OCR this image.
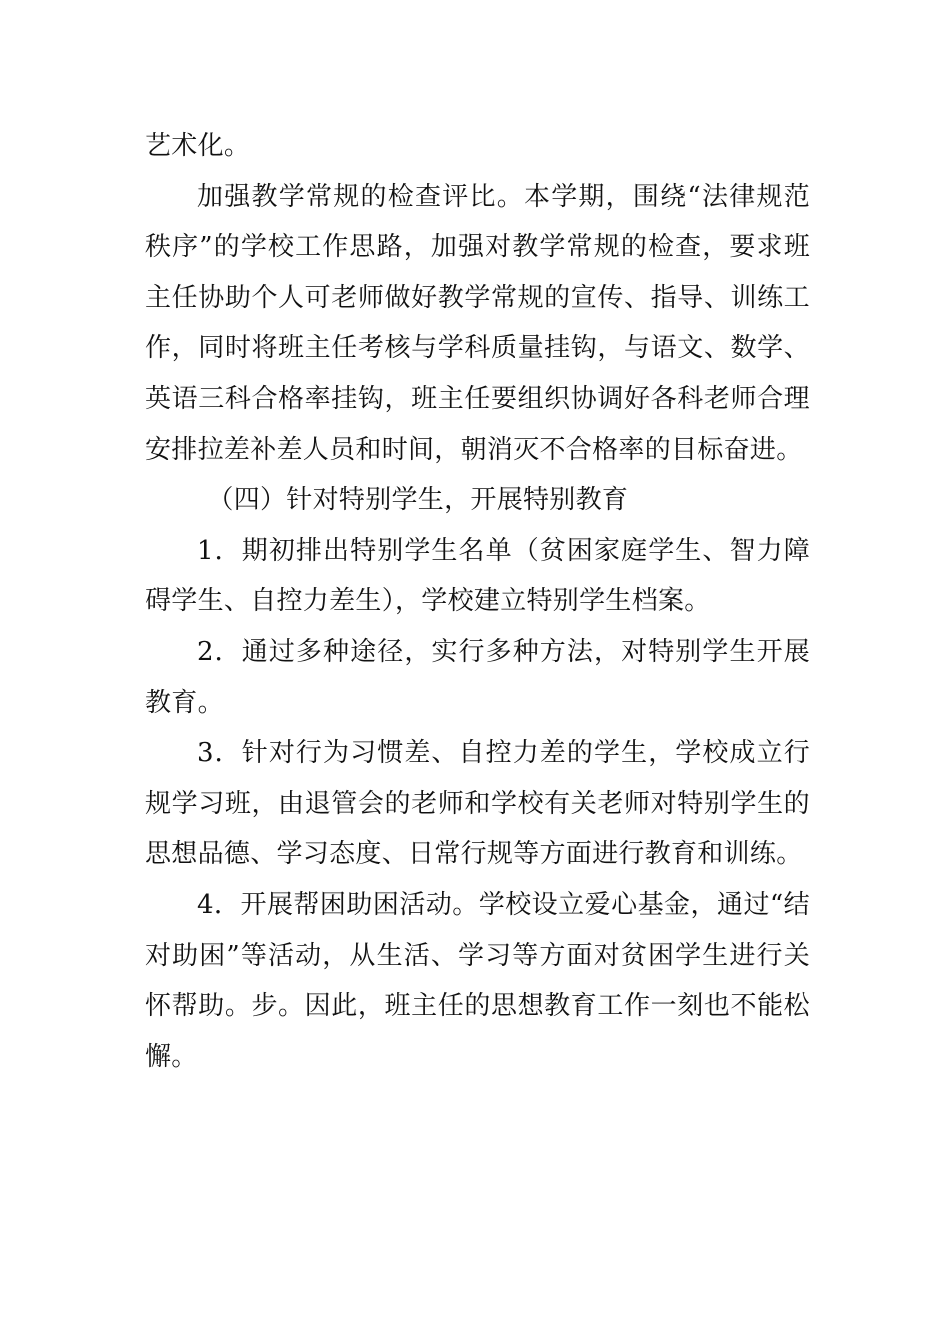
艺术化。

加强教学常规的检查评比。本学期，围绕“法律规范秩序”的学校工作思路，加强对教学常规的检查，要求班主任协助个人可老师做好教学常规的宣传、指导、训练工作，同时将班主任考核与学科质量挂钩，与语文、数学、英语三科合格率挂钩，班主任要组织协调好各科老师合理安排拉差补差人员和时间，朝消灭不合格率的目标奋进。

（四）针对特别学生，开展特别教育

1．期初排出特别学生名单（贫困家庭学生、智力障碍学生、自控力差生），学校建立特别学生档案。

2．通过多种途径，实行多种方法，对特别学生开展教育。

3．针对行为习惯差、自控力差的学生，学校成立行规学习班，由退管会的老师和学校有关老师对特别学生的思想品德、学习态度、日常行规等方面进行教育和训练。

4．开展帮困助困活动。学校设立爱心基金，通过“结对助困”等活动，从生活、学习等方面对贫困学生进行关怀帮助。步。因此，班主任的思想教育工作一刻也不能松懈。
